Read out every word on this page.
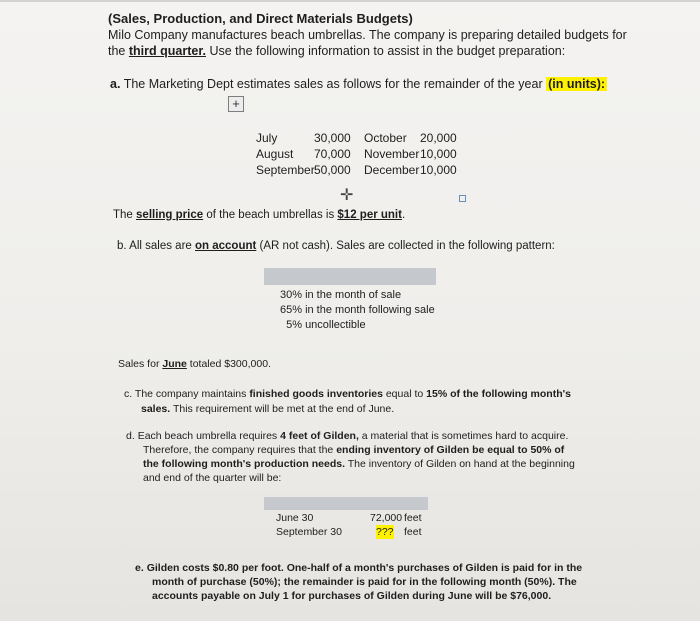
(Sales, Production, and Direct Materials Budgets)
Milo Company manufactures beach umbrellas. The company is preparing detailed budgets for
the third quarter. Use the following information to assist in the budget preparation:
a. The Marketing Dept estimates sales as follows for the remainder of the year (in units):
+
July	30,000 October 20,000
August 70,000 November 10,000
September 50,000 December 10,000
✛
The selling price of the beach umbrellas is $12 per unit.
b. All sales are on account (AR not cash). Sales are collected in the following pattern:
30% in the month of sale
65% in the month following sale
5% uncollectible
Sales for June totaled $300,000.
c. The company maintains finished goods inventories equal to 15% of the following month's
sales. This requirement will be met at the end of June.
d. Each beach umbrella requires 4 feet of Gilden, a material that is sometimes hard to acquire.
Therefore, the company requires that the ending inventory of Gilden be equal to 50% of
the following month's production needs. The inventory of Gilden on hand at the beginning
and end of the quarter will be:
June 30	72,000 feet
September 30	??? feet
e. Gilden costs $0.80 per foot. One-half of a month's purchases of Gilden is paid for in the
month of purchase (50%); the remainder is paid for in the following month (50%). The
accounts payable on July 1 for purchases of Gilden during June will be $76,000.
